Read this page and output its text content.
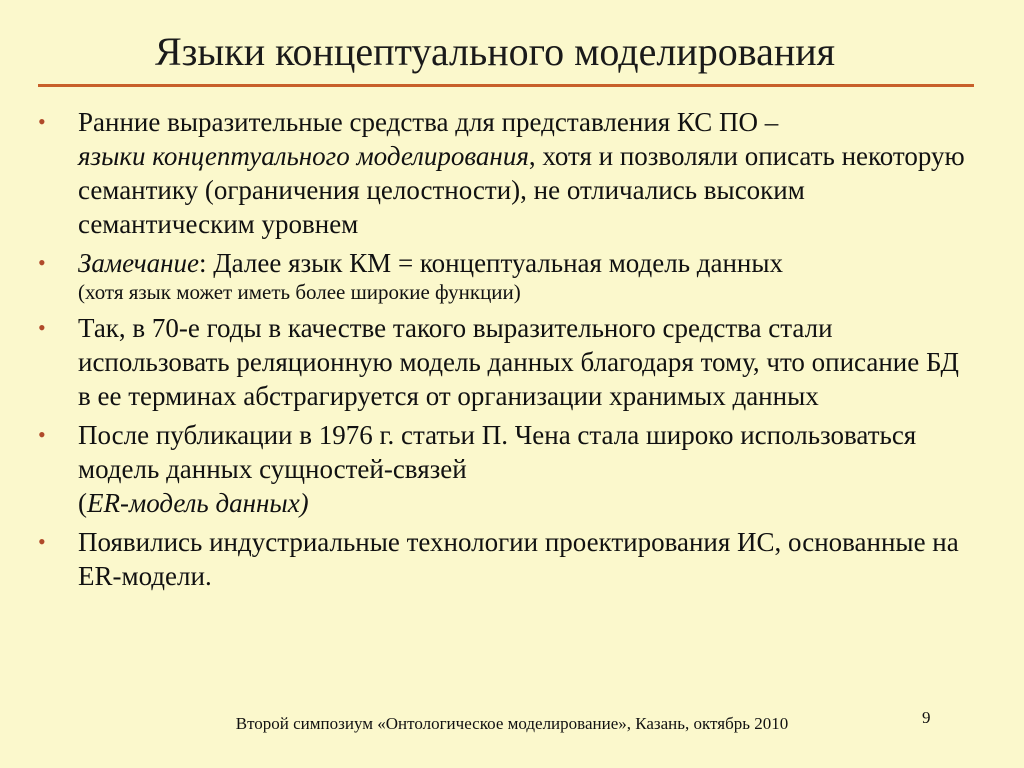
Языки концептуального моделирования
• Ранние выразительные средства для представления КС ПО –
языки концептуального моделирования, хотя и позволяли описать некоторую семантику (ограничения целостности), не отличались высоким семантическим уровнем
• Замечание: Далее язык КМ = концептуальная модель данных
(хотя язык может иметь более широкие функции)
• Так, в 70-е годы в качестве такого выразительного средства стали использовать реляционную модель данных благодаря тому, что описание БД в ее терминах абстрагируется от организации хранимых данных
• После публикации в 1976 г. статьи П. Чена стала широко использоваться модель данных сущностей-связей
(ER-модель данных)
• Появились индустриальные технологии проектирования ИС, основанные на ER-модели.
Второй симпозиум «Онтологическое моделирование», Казань, октябрь 2010	9
